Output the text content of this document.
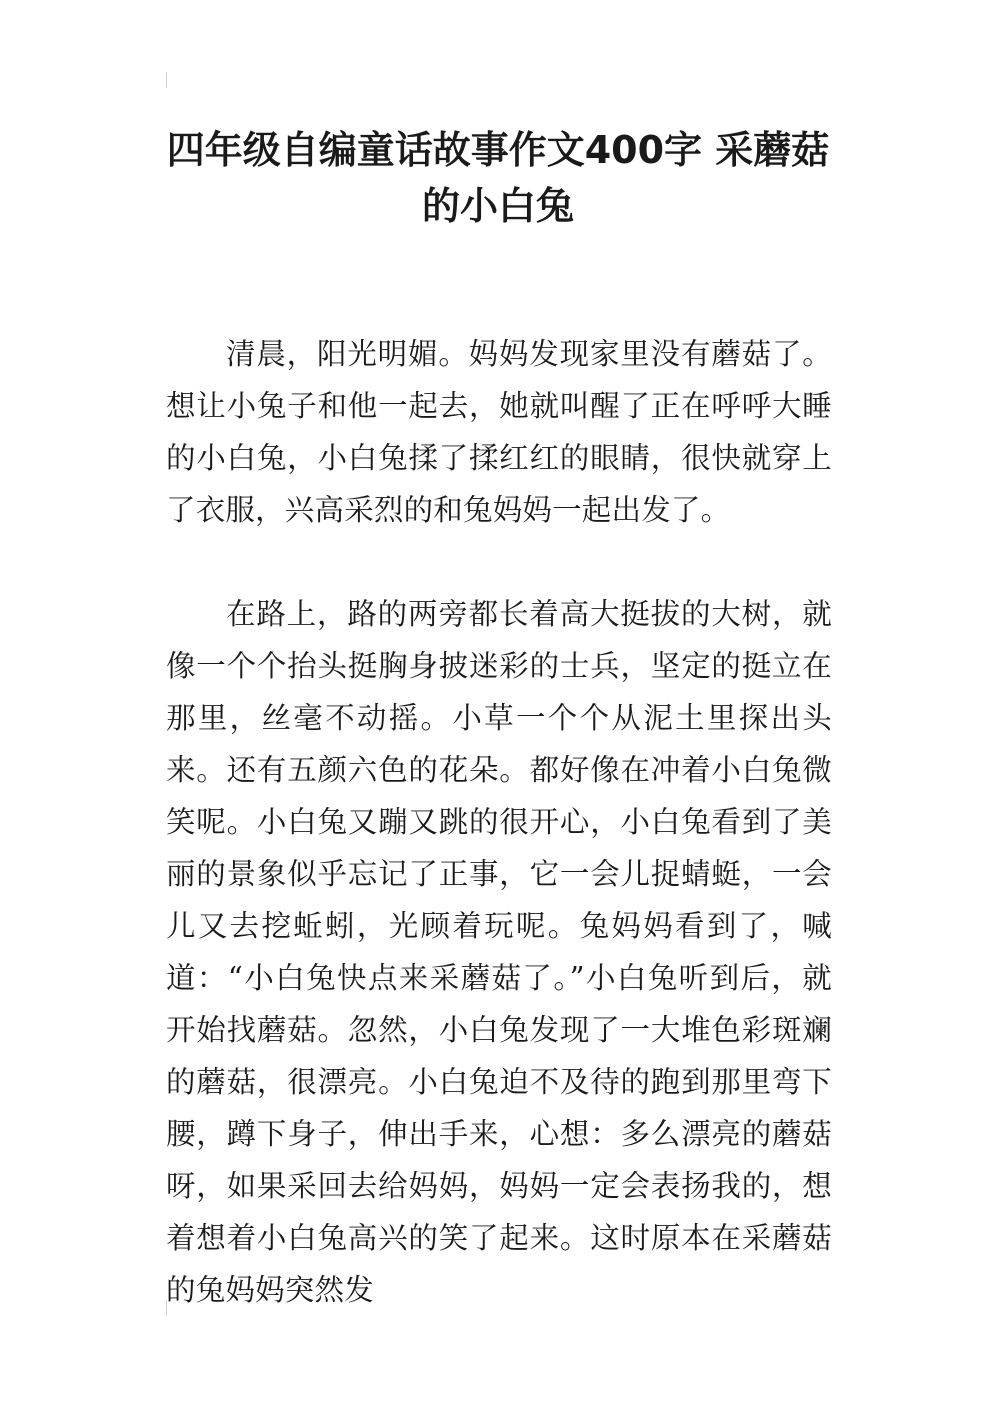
四年级自编童话故事作文400字 采蘑菇的小白兔

清晨，阳光明媚。妈妈发现家里没有蘑菇了。想让小兔子和他一起去，她就叫醒了正在呼呼大睡的小白兔，小白兔揉了揉红红的眼睛，很快就穿上了衣服，兴高采烈的和兔妈妈一起出发了。

在路上，路的两旁都长着高大挺拔的大树，就像一个个抬头挺胸身披迷彩的士兵，坚定的挺立在那里，丝毫不动摇。小草一个个从泥土里探出头来。还有五颜六色的花朵。都好像在冲着小白兔微笑呢。小白兔又蹦又跳的很开心，小白兔看到了美丽的景象似乎忘记了正事，它一会儿捉蜻蜓，一会儿又去挖蚯蚓，光顾着玩呢。兔妈妈看到了，喊道：“小白兔快点来采蘑菇了。”小白兔听到后，就开始找蘑菇。忽然，小白兔发现了一大堆色彩斑斓的蘑菇，很漂亮。小白兔迫不及待的跑到那里弯下腰，蹲下身子，伸出手来，心想：多么漂亮的蘑菇呀，如果采回去给妈妈，妈妈一定会表扬我的，想着想着小白兔高兴的笑了起来。这时原本在采蘑菇的兔妈妈突然发
